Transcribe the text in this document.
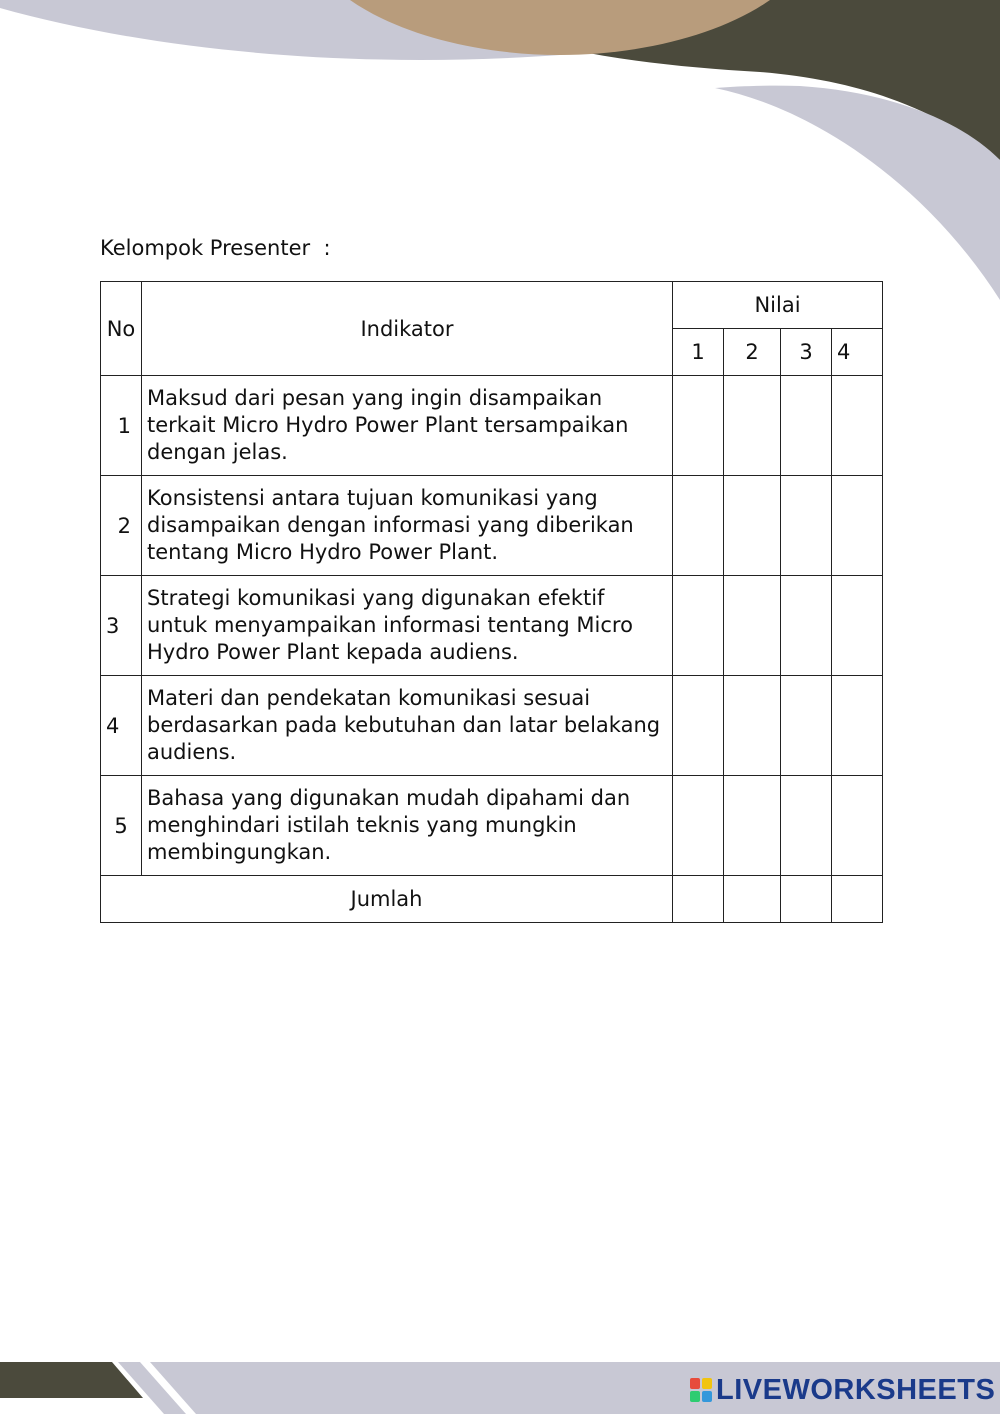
Kelompok Presenter  :
No	Indikator	Nilai			
		1	2	3	4
1	Maksud dari pesan yang ingin disampaikan terkait Micro Hydro Power Plant tersampaikan dengan jelas.				
2	Konsistensi antara tujuan komunikasi yang disampaikan dengan informasi yang diberikan tentang Micro Hydro Power Plant.				
3	Strategi komunikasi yang digunakan efektif untuk menyampaikan informasi tentang Micro Hydro Power Plant kepada audiens.				
4	Materi dan pendekatan komunikasi sesuai berdasarkan pada kebutuhan dan latar belakang audiens.				
5	Bahasa yang digunakan mudah dipahami dan menghindari istilah teknis yang mungkin membingungkan.				
Jumlah					
LIVEWORKSHEETS
